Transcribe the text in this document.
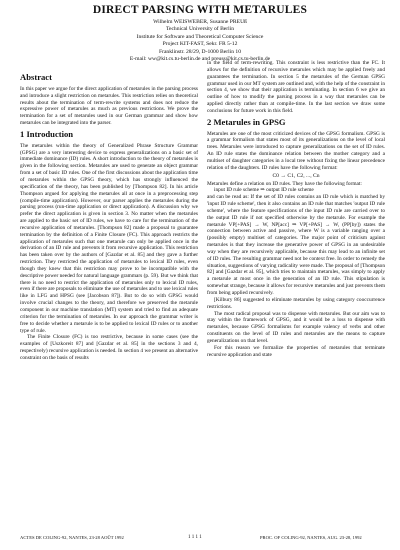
DIRECT PARSING WITH METARULES
Wilhelm WEISWEBER, Susanne PREUß
Technical University of Berlin
Institute for Software and Theoretical Computer Science
Project KIT-FAST, Sekr. FR 5-12
Franklinstr. 28/29, D-1000 Berlin 10
E-mail: ww@kit.cs.tu-berlin.de and preuss@kit.cs.tu-berlin.de
Abstract

In this paper we argue for the direct application of metarules in the parsing process and introduce a slight restriction on metarules. This restriction relies on theoretical results about the termination of term-rewrite systems and does not reduce the expressive power of metarules as much as previous restrictions. We prove the termination for a set of metarules used in our German grammar and show how metarules can be integrated into the parser.

1 Introduction

The metarules within the theory of Generalized Phrase Structure Grammar (GPSG) are a very interesting device to express generalizations on a basic set of immediate dominance (ID) rules. A short introduction to the theory of metarules is given in the following section. Metarules are used to generate an object grammar from a set of basic ID rules. One of the first discussions about the application time of metarules within the GPSG theory, which has strongly influenced the specification of the theory, has been published by [Thompson 82]. In his article Thompson argued for applying the metarules all at once in a preprocessing step (compile-time application). However, our parser applies the metarules during the parsing process (run-time application or direct application). A discussion why we prefer the direct application is given in section 3. No matter when the metarules are applied to the basic set of ID rules, we have to care for the termination of the recursive application of metarules. [Thompson 82] made a proposal to guarantee termination by the definition of a Finite Closure (FC). This approach restricts the application of metarules such that one metarule can only be applied once in the derivation of an ID rule and prevents it from recursive application. This restriction has been taken over by the authors of [Gazdar et al. 85] and they gave a further restriction. They restricted the application of metarules to lexical ID rules, even though they knew that this restriction may prove to be incompatible with the descriptive power needed for natural language grammars (p. 59). But we think that there is no need to restrict the application of metarules only to lexical ID rules, even if there are proposals to eliminate the use of metarules and to use lexical rules like in LFG and HPSG (see [Jacobson 87]). But to do so with GPSG would involve crucial changes to the theory, and therefore we preserved the metarule component in our machine translation (MT) system and tried to find an adequate criterion for the termination of metarules. In our approach the grammar writer is free to decide whether a metarule is to be applied to lexical ID rules or to another type of rule.

The Finite Closure (FC) is too restrictive, because in some cases (see the examples of [Uszkoreit 87] and [Gazdar et al. 85] in the sections 3 and 4, respectively) recursive application is needed. In section 4 we present an alternative constraint on the basis of results

in the field of term-rewriting. This constraint is less restrictive than the FC. It allows for the definition of recursive metarules which may be applied freely and guarantees the termination. In section 5 the metarules of the German GPSG grammar used in our MT system are outlined and, with the help of the constraint in section 4, we show that their application is terminating. In section 6 we give an outline of how to modify the parsing process in a way that metarules can be applied directly rather than at compile-time. In the last section we draw some conclusions for future work in this field.

2 Metarules in GPSG

Metarules are one of the most criticized devices of the GPSG formalism. GPSG is a grammar formalism that states most of its generalizations on the level of local trees. Metarules were introduced to capture generalizations on the set of ID rules. An ID rule states the dominance relation between the mother category and a multiset of daughter categories in a local tree without fixing the linear precedence relation of the daughters. ID rules have the following format:

C0 → C1, C2, ..., Cn

Metarules define a relation on ID rules. They have the following format:

input ID rule scheme ⇒ output ID rule scheme

and can be read as: If the set of ID rules contains an ID rule which is matched by 'input ID rule scheme', then it also contains an ID rule that matches 'output ID rule scheme', where the feature specifications of the input ID rule are carried over to the output ID rule if not specified otherwise by the metarule. For example the metarule VP[+PAS] → W, NP[acc] ⇒ VP[+PAS] → W, (PP[by]) states the connection between active and passive, where W is a variable ranging over a (possibly empty) multiset of categories. The major point of criticism against metarules is that they increase the generative power of GPSG in an undesirable way when they are recursively applicable, because this may lead to an infinite set of ID rules. The resulting grammar need not be context free. In order to remedy the situation, suggestions of varying radicality were made. The proposal of [Thompson 82] and [Gazdar et al. 85], which tries to maintain metarules, was simply to apply a metarule at most once in the generation of an ID rule. This stipulation is somewhat strange, because it allows for recursive metarules and just prevents them from being applied recursively.

[Kilbury 86] suggested to eliminate metarules by using category cooccurrence restrictions.

The most radical proposal was to dispense with metarules. But our aim was to stay within the framework of GPSG, and it would be a loss to dispense with metarules, because GPSG formalisms for example valency of verbs and other constituents on the level of ID rules and metarules are the means to capture generalizations on that level.

For this reason we formalize the properties of metarules that terminate recursive application and state

ACTES DE COLING-92, NANTES, 23-28 AOÛT 1992	1 1 1 1	PROC. OF COLING-92, NANTES, AUG. 23-28, 1992
